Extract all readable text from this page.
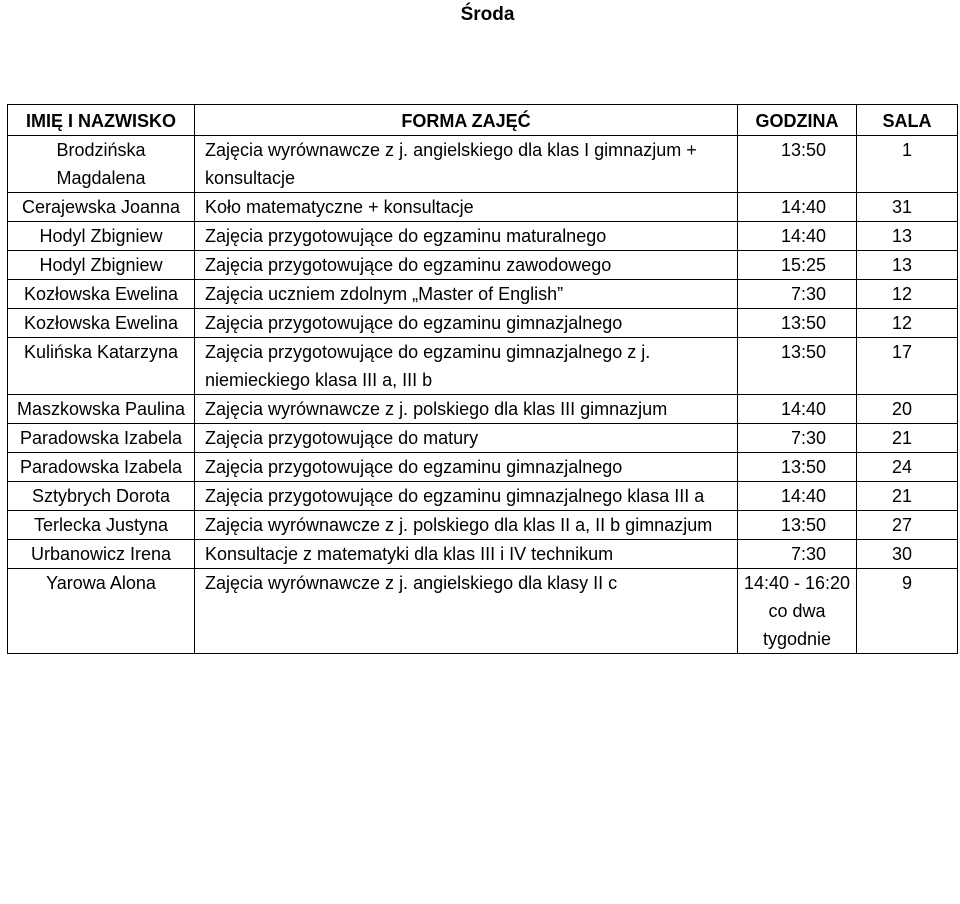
Środa
IMIĘ I NAZWISKO	FORMA ZAJĘĆ	GODZINA	SALA
Brodzińska Magdalena	Zajęcia wyrównawcze z j. angielskiego dla klas I gimnazjum + konsultacje	13:50	1
Cerajewska Joanna	Koło matematyczne + konsultacje	14:40	31
Hodyl Zbigniew	Zajęcia przygotowujące do egzaminu maturalnego	14:40	13
Hodyl Zbigniew	Zajęcia przygotowujące do egzaminu zawodowego	15:25	13
Kozłowska Ewelina	Zajęcia uczniem zdolnym „Master of English”	7:30	12
Kozłowska Ewelina	Zajęcia przygotowujące do egzaminu gimnazjalnego	13:50	12
Kulińska Katarzyna	Zajęcia przygotowujące do egzaminu gimnazjalnego z j. niemieckiego klasa III a, III b	13:50	17
Maszkowska Paulina	Zajęcia wyrównawcze z j. polskiego dla klas III gimnazjum	14:40	20
Paradowska Izabela	Zajęcia przygotowujące do matury	7:30	21
Paradowska Izabela	Zajęcia przygotowujące do egzaminu gimnazjalnego	13:50	24
Sztybrych Dorota	Zajęcia przygotowujące do egzaminu gimnazjalnego klasa III a	14:40	21
Terlecka Justyna	Zajęcia wyrównawcze z j. polskiego dla klas II a, II b gimnazjum	13:50	27
Urbanowicz Irena	Konsultacje z matematyki dla klas III i IV technikum	7:30	30
Yarowa Alona	Zajęcia wyrównawcze z j. angielskiego dla klasy II c	14:40 - 16:20 co dwa tygodnie	9
